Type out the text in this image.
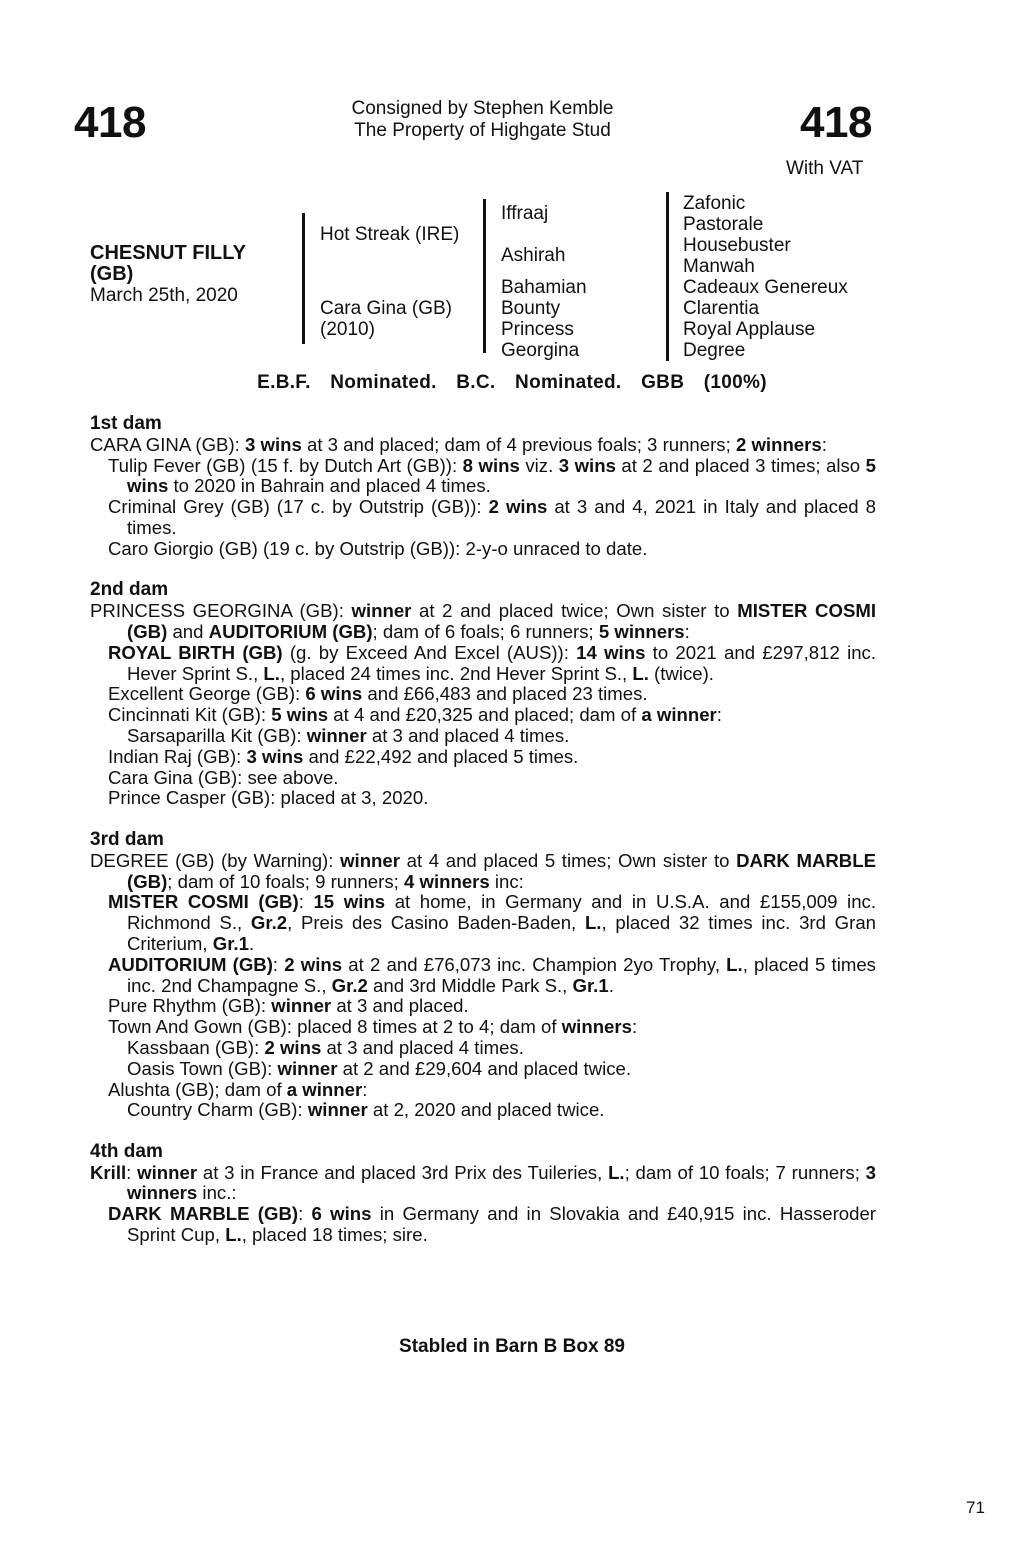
418	Consigned by Stephen Kemble
The Property of Highgate Stud	418
With VAT
CHESNUT FILLY (GB)
March 25th, 2020
Hot Streak (IRE)
Cara Gina (GB)
(2010)
Iffraaj
Ashirah
Bahamian
Bounty
Princess
Georgina
Zafonic
Pastorale
Housebuster
Manwah
Cadeaux Genereux
Clarentia
Royal Applause
Degree
E.B.F. Nominated. B.C. Nominated. GBB (100%)
1st dam
CARA GINA (GB): 3 wins at 3 and placed; dam of 4 previous foals; 3 runners; 2 winners:
Tulip Fever (GB) (15 f. by Dutch Art (GB)): 8 wins viz. 3 wins at 2 and placed 3 times; also 5 wins to 2020 in Bahrain and placed 4 times.
Criminal Grey (GB) (17 c. by Outstrip (GB)): 2 wins at 3 and 4, 2021 in Italy and placed 8 times.
Caro Giorgio (GB) (19 c. by Outstrip (GB)): 2-y-o unraced to date.
2nd dam
PRINCESS GEORGINA (GB): winner at 2 and placed twice; Own sister to MISTER COSMI (GB) and AUDITORIUM (GB); dam of 6 foals; 6 runners; 5 winners:
ROYAL BIRTH (GB) (g. by Exceed And Excel (AUS)): 14 wins to 2021 and £297,812 inc. Hever Sprint S., L., placed 24 times inc. 2nd Hever Sprint S., L. (twice).
Excellent George (GB): 6 wins and £66,483 and placed 23 times.
Cincinnati Kit (GB): 5 wins at 4 and £20,325 and placed; dam of a winner:
Sarsaparilla Kit (GB): winner at 3 and placed 4 times.
Indian Raj (GB): 3 wins and £22,492 and placed 5 times.
Cara Gina (GB): see above.
Prince Casper (GB): placed at 3, 2020.
3rd dam
DEGREE (GB) (by Warning): winner at 4 and placed 5 times; Own sister to DARK MARBLE (GB); dam of 10 foals; 9 runners; 4 winners inc:
MISTER COSMI (GB): 15 wins at home, in Germany and in U.S.A. and £155,009 inc. Richmond S., Gr.2, Preis des Casino Baden-Baden, L., placed 32 times inc. 3rd Gran Criterium, Gr.1.
AUDITORIUM (GB): 2 wins at 2 and £76,073 inc. Champion 2yo Trophy, L., placed 5 times inc. 2nd Champagne S., Gr.2 and 3rd Middle Park S., Gr.1.
Pure Rhythm (GB): winner at 3 and placed.
Town And Gown (GB): placed 8 times at 2 to 4; dam of winners:
Kassbaan (GB): 2 wins at 3 and placed 4 times.
Oasis Town (GB): winner at 2 and £29,604 and placed twice.
Alushta (GB); dam of a winner:
Country Charm (GB): winner at 2, 2020 and placed twice.
4th dam
Krill: winner at 3 in France and placed 3rd Prix des Tuileries, L.; dam of 10 foals; 7 runners; 3 winners inc.:
DARK MARBLE (GB): 6 wins in Germany and in Slovakia and £40,915 inc. Hasseroder Sprint Cup, L., placed 18 times; sire.
Stabled in Barn B Box 89
71
